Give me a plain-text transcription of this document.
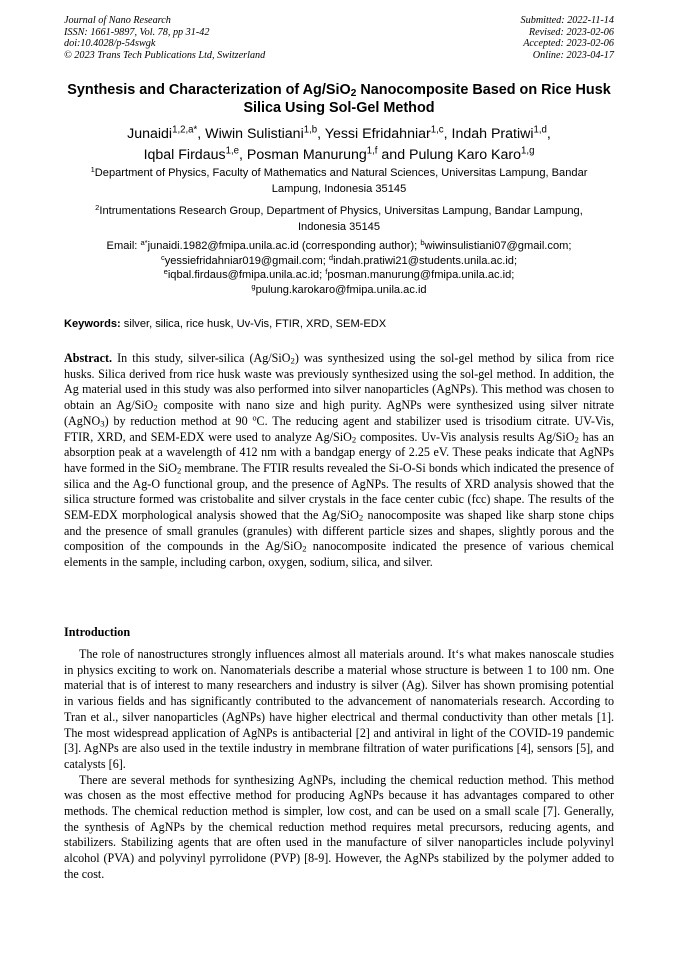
Journal of Nano Research
ISSN: 1661-9897, Vol. 78, pp 31-42
doi:10.4028/p-54swgk
© 2023 Trans Tech Publications Ltd, Switzerland
Submitted: 2022-11-14
Revised: 2023-02-06
Accepted: 2023-02-06
Online: 2023-04-17
Synthesis and Characterization of Ag/SiO$_2$ Nanocomposite Based on Rice Husk Silica Using Sol-Gel Method
Junaidi$^{1,2,a*}$, Wiwin Sulistiani$^{1,b}$, Yessi Efridahniar$^{1,c}$, Indah Pratiwi$^{1,d}$,
Iqbal Firdaus$^{1,e}$, Posman Manurung$^{1,f}$ and Pulung Karo Karo$^{1,g}$
$^1$Department of Physics, Faculty of Mathematics and Natural Sciences, Universitas Lampung, Bandar Lampung, Indonesia 35145
$^2$Intrumentations Research Group, Department of Physics, Universitas Lampung, Bandar Lampung, Indonesia 35145
Email: $^{a*}$junaidi.1982@fmipa.unila.ac.id (corresponding author); $^b$wiwinsulistiani07@gmail.com;
$^c$yessiefridahniar019@gmail.com; $^d$indah.pratiwi21@students.unila.ac.id;
$^e$iqbal.firdaus@fmipa.unila.ac.id; $^f$posman.manurung@fmipa.unila.ac.id;
$^g$pulung.karokaro@fmipa.unila.ac.id
Keywords: silver, silica, rice husk, Uv-Vis, FTIR, XRD, SEM-EDX
Abstract. In this study, silver-silica (Ag/SiO$_2$) was synthesized using the sol-gel method by silica from rice husks. Silica derived from rice husk waste was previously synthesized using the sol-gel method. In addition, the Ag material used in this study was also performed into silver nanoparticles (AgNPs). This method was chosen to obtain an Ag/SiO$_2$ composite with nano size and high purity. AgNPs were synthesized using silver nitrate (AgNO$_3$) by reduction method at 90 $^o$C. The reducing agent and stabilizer used is trisodium citrate. UV-Vis, FTIR, XRD, and SEM-EDX were used to analyze Ag/SiO$_2$ composites. Uv-Vis analysis results Ag/SiO$_2$ has an absorption peak at a wavelength of 412 nm with a bandgap energy of 2.25 eV. These peaks indicate that AgNPs have formed in the SiO$_2$ membrane. The FTIR results revealed the Si-O-Si bonds which indicated the presence of silica and the Ag-O functional group, and the presence of AgNPs. The results of XRD analysis showed that the silica structure formed was cristobalite and silver crystals in the face center cubic (fcc) shape. The results of the SEM-EDX morphological analysis showed that the Ag/SiO$_2$ nanocomposite was shaped like sharp stone chips and the presence of small granules (granules) with different particle sizes and shapes, slightly porous and the composition of the compounds in the Ag/SiO$_2$ nanocomposite indicated the presence of various chemical elements in the sample, including carbon, oxygen, sodium, silica, and silver.
Introduction

The role of nanostructures strongly influences almost all materials around. It‘s what makes nanoscale studies in physics exciting to work on. Nanomaterials describe a material whose structure is between 1 to 100 nm. One material that is of interest to many researchers and industry is silver (Ag). Silver has shown promising potential in various fields and has significantly contributed to the advancement of nanomaterials research. According to Tran et al., silver nanoparticles (AgNPs) have higher electrical and thermal conductivity than other metals [1]. The most widespread application of AgNPs is antibacterial [2] and antiviral in light of the COVID-19 pandemic [3]. AgNPs are also used in the textile industry in membrane filtration of water purifications [4], sensors [5], and catalysts [6].

There are several methods for synthesizing AgNPs, including the chemical reduction method. This method was chosen as the most effective method for producing AgNPs because it has advantages compared to other methods. The chemical reduction method is simpler, low cost, and can be used on a small scale [7]. Generally, the synthesis of AgNPs by the chemical reduction method requires metal precursors, reducing agents, and stabilizers. Stabilizing agents that are often used in the manufacture of silver nanoparticles include polyvinyl alcohol (PVA) and polyvinyl pyrrolidone (PVP) [8-9]. However, the AgNPs stabilized by the polymer added to the cost.
